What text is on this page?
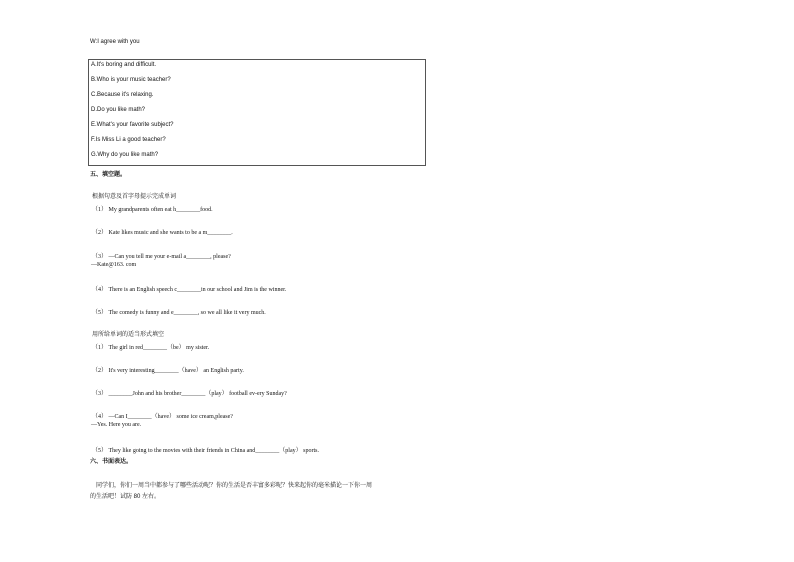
W:I agree with you
A.It's boring and difficult.
B.Who is your music teacher?
C.Because it's relaxing.
D.Do you like math?
E.What's your favorite subject?
F.Is Miss Li a good teacher?
G.Why do you like math?
五、填空题。
根据句意及首字母提示完成单词
（1） My grandparents often eat h________food.
（2） Kate likes music and she wants to be a m________.
（3） —Can you tell me your e-mail a________, please?
—Kate@163. com
（4） There is an English speech c________in our school and Jim is the winner.
（5） The comedy is funny and e________, so we all like it very much.
用所给单词的适当形式填空
（1） The girl in red________（be） my sister.
（2） It's very interesting________（have） an English party.
（3） ________John and his brother________（play） football ev-ery Sunday?
（4） —Can I________（have） some ice cream,please?
—Yes. Here you are.
（5） They like going to the movies with their friends in China and________（play） sports.
六、书面表达。
同学们，你们一周当中都参与了哪些活动呢？你的生活是否丰富多彩呢？快来起你的毫米描论一下你一周
的生活吧！试防 80 左右。
